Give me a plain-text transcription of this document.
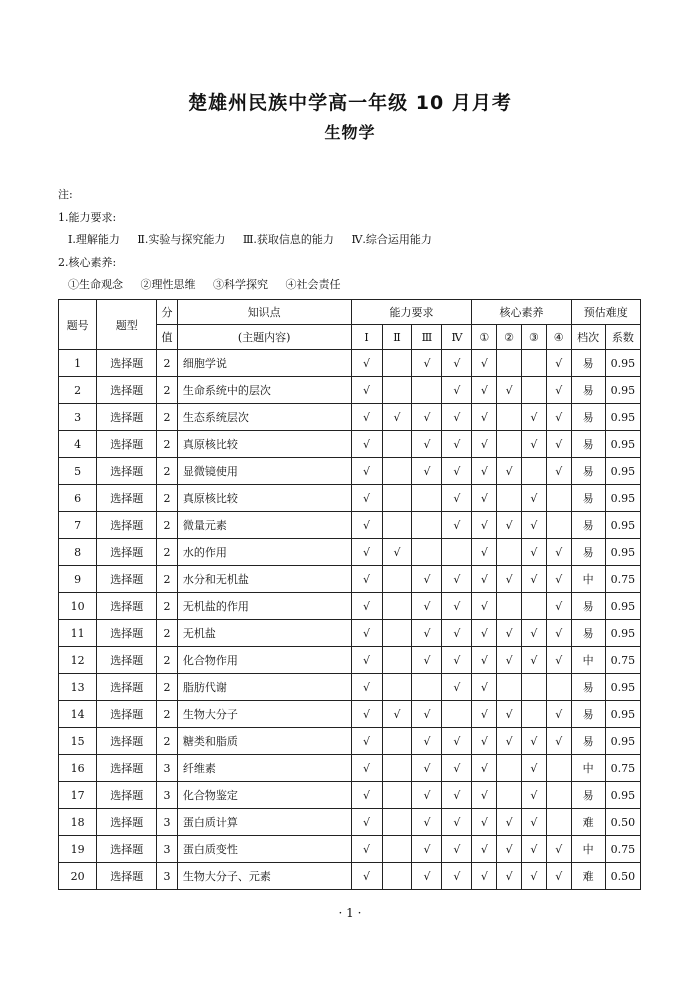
楚雄州民族中学高一年级 10 月月考
生物学
注:
1.能力要求:
Ⅰ.理解能力 Ⅱ.实验与探究能力 Ⅲ.获取信息的能力 Ⅳ.综合运用能力
2.核心素养:
①生命观念 ②理性思维 ③科学探究 ④社会责任
题号	题型	分	知识点	能力要求				核心素养				预估难度	
		值	(主题内容)	Ⅰ	Ⅱ	Ⅲ	Ⅳ	①	②	③	④	档次	系数
1	选择题	2	细胞学说	√		√	√	√			√	易	0.95
2	选择题	2	生命系统中的层次	√			√	√	√		√	易	0.95
3	选择题	2	生态系统层次	√	√	√	√	√		√	√	易	0.95
4	选择题	2	真原核比较	√		√	√	√		√	√	易	0.95
5	选择题	2	显微镜使用	√		√	√	√	√		√	易	0.95
6	选择题	2	真原核比较	√			√	√		√		易	0.95
7	选择题	2	微量元素	√			√	√	√	√		易	0.95
8	选择题	2	水的作用	√	√			√		√	√	易	0.95
9	选择题	2	水分和无机盐	√		√	√	√	√	√	√	中	0.75
10	选择题	2	无机盐的作用	√		√	√	√			√	易	0.95
11	选择题	2	无机盐	√		√	√	√	√	√	√	易	0.95
12	选择题	2	化合物作用	√		√	√	√	√	√	√	中	0.75
13	选择题	2	脂肪代谢	√			√	√				易	0.95
14	选择题	2	生物大分子	√	√	√		√	√		√	易	0.95
15	选择题	2	糖类和脂质	√		√	√	√	√	√	√	易	0.95
16	选择题	3	纤维素	√		√	√	√		√		中	0.75
17	选择题	3	化合物鉴定	√		√	√	√		√		易	0.95
18	选择题	3	蛋白质计算	√		√	√	√	√	√		难	0.50
19	选择题	3	蛋白质变性	√		√	√	√	√	√	√	中	0.75
20	选择题	3	生物大分子、元素	√		√	√	√	√	√	√	难	0.50
· 1 ·
